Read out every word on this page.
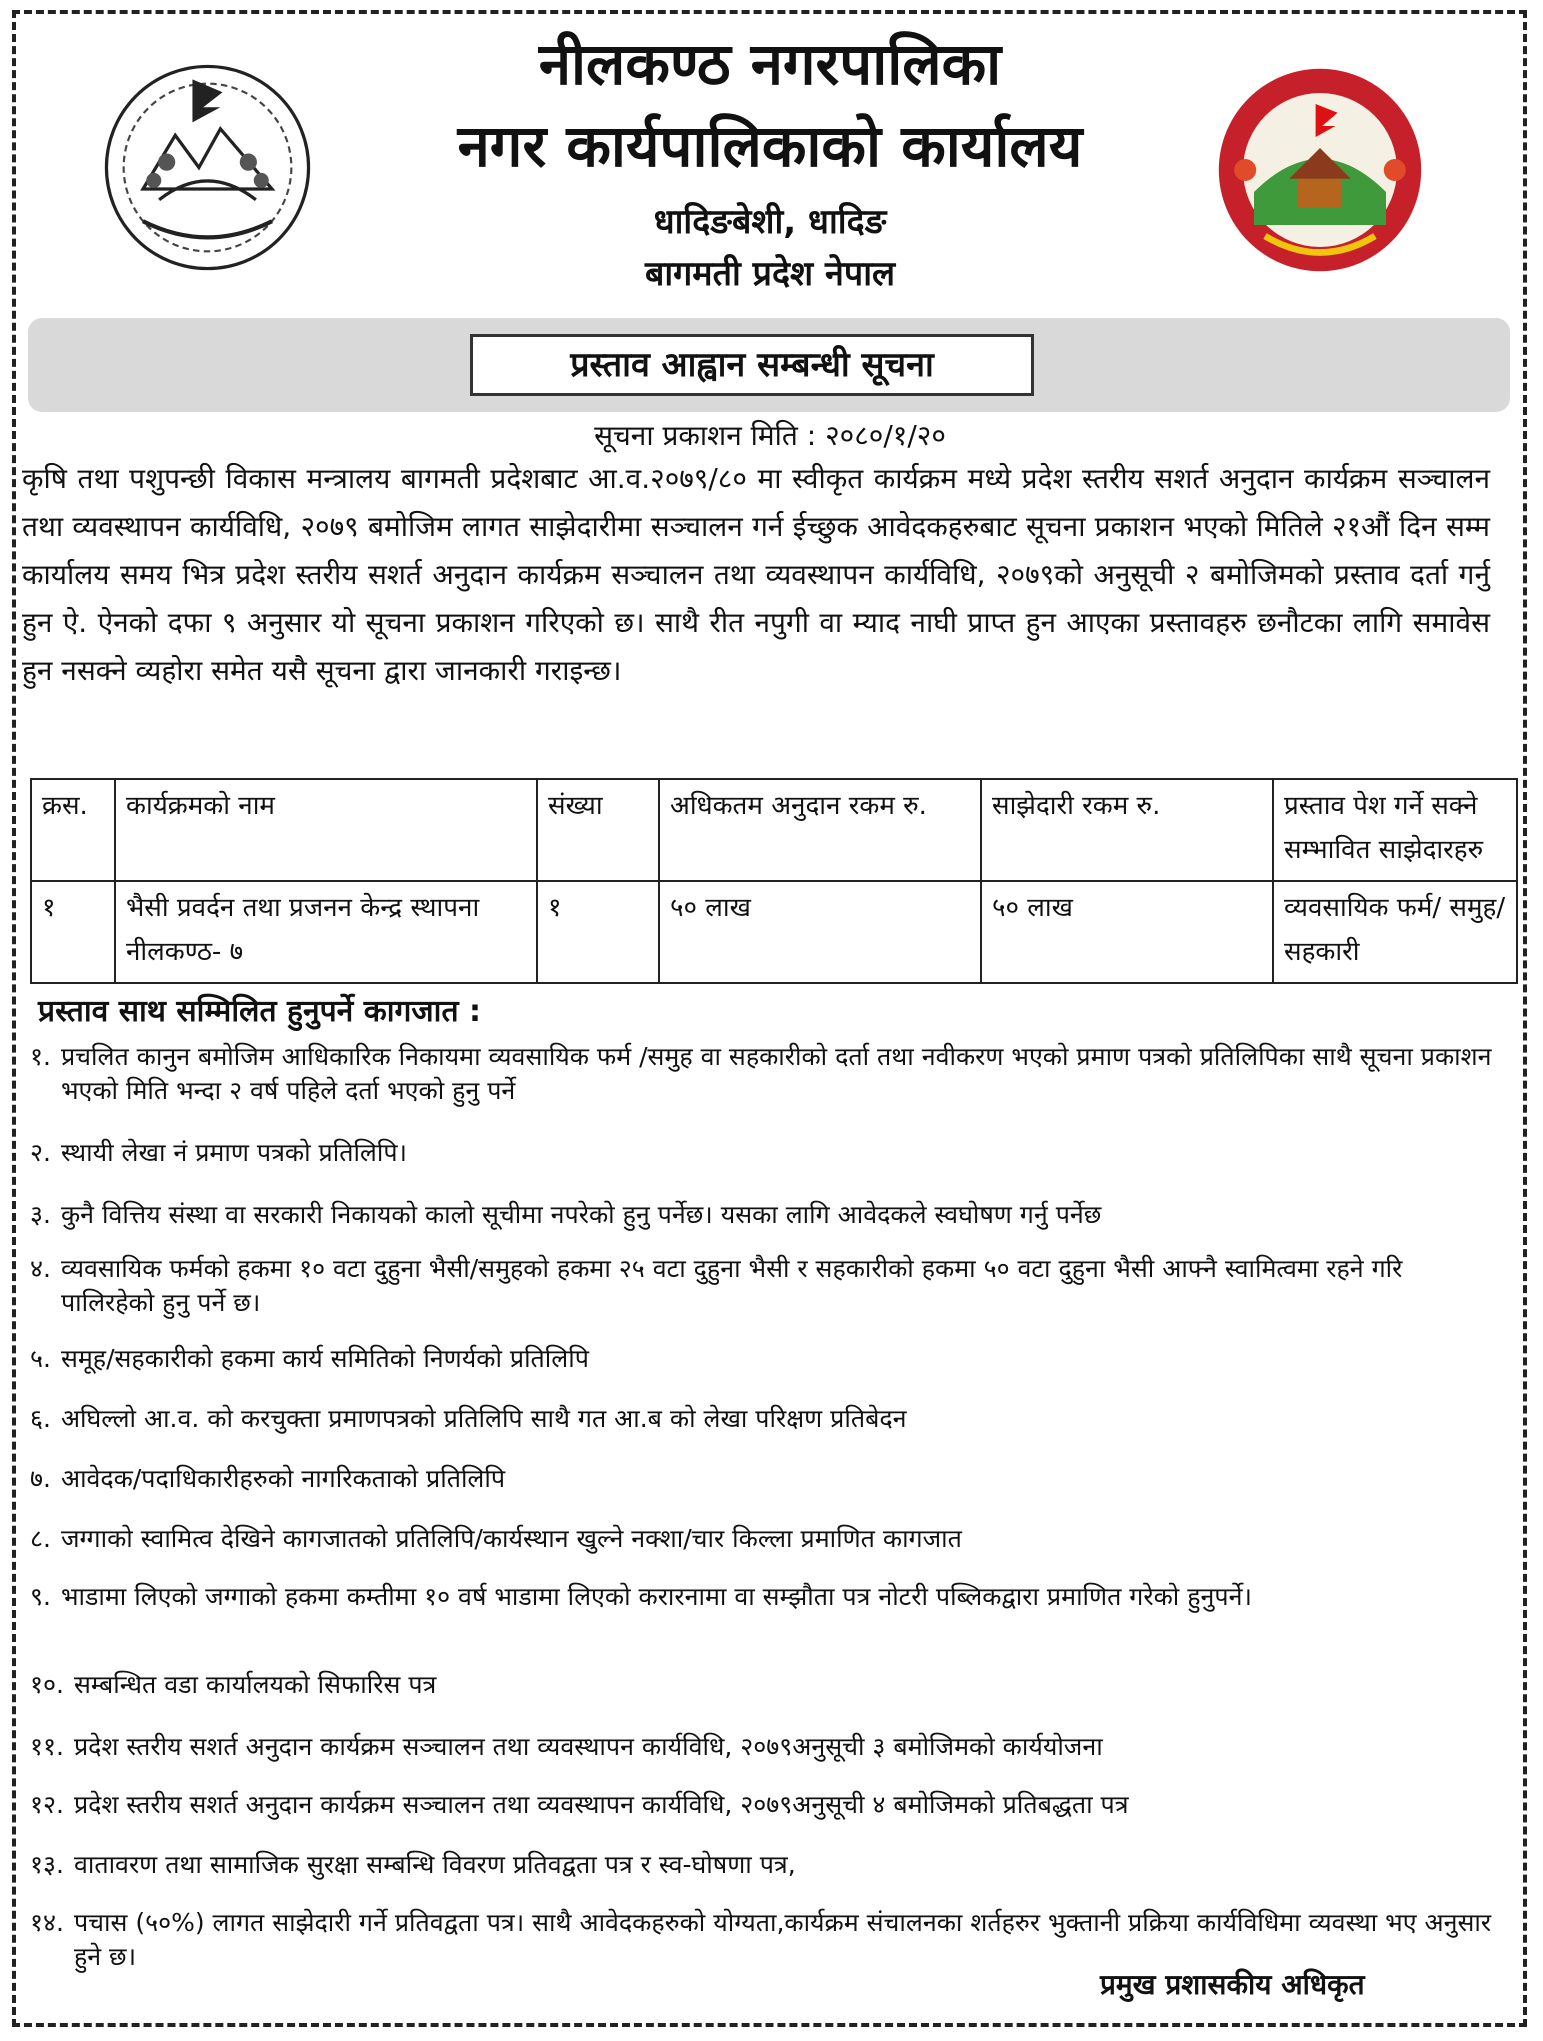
नीलकण्ठ नगरपालिका
नगर कार्यपालिकाको कार्यालय
धादिङबेशी, धादिङ
बागमती प्रदेश नेपाल
प्रस्ताव आह्वान सम्बन्धी सूचना
सूचना प्रकाशन मिति : २०८०/१/२०
कृषि तथा पशुपन्छी विकास मन्त्रालय बागमती प्रदेशबाट आ.व.२०७९/८० मा स्वीकृत कार्यक्रम मध्ये प्रदेश स्तरीय सशर्त अनुदान कार्यक्रम सञ्चालन तथा व्यवस्थापन कार्यविधि, २०७९ बमोजिम लागत साझेदारीमा सञ्चालन गर्न ईच्छुक आवेदकहरुबाट सूचना प्रकाशन भएको मितिले २१औं दिन सम्म कार्यालय समय भित्र प्रदेश स्तरीय सशर्त अनुदान कार्यक्रम सञ्चालन तथा व्यवस्थापन कार्यविधि, २०७९को अनुसूची २ बमोजिमको प्रस्ताव दर्ता गर्नु हुन ऐ. ऐनको दफा ९ अनुसार यो सूचना प्रकाशन गरिएको छ। साथै रीत नपुगी वा म्याद नाघी प्राप्त हुन आएका प्रस्तावहरु छनौटका लागि समावेस हुन नसक्ने व्यहोरा समेत यसै सूचना द्वारा जानकारी गराइन्छ।
क्रस.	कार्यक्रमको नाम	संख्या	अधिकतम अनुदान रकम रु.	साझेदारी रकम रु.	प्रस्ताव पेश गर्ने सक्ने सम्भावित साझेदारहरु
१	भैसी प्रवर्दन तथा प्रजनन केन्द्र स्थापना नीलकण्ठ- ७	१	५० लाख	५० लाख	व्यवसायिक फर्म/ समुह/ सहकारी
प्रस्ताव साथ सम्मिलित हुनुपर्ने कागजात :
१. प्रचलित कानुन बमोजिम आधिकारिक निकायमा व्यवसायिक फर्म /समुह वा सहकारीको दर्ता तथा नवीकरण भएको प्रमाण पत्रको प्रतिलिपिका साथै सूचना प्रकाशन भएको मिति भन्दा २ वर्ष पहिले दर्ता भएको हुनु पर्ने
२. स्थायी लेखा नं प्रमाण पत्रको प्रतिलिपि।
३. कुनै वित्तिय संस्था वा सरकारी निकायको कालो सूचीमा नपरेको हुनु पर्नेछ। यसका लागि आवेदकले स्वघोषण गर्नु पर्नेछ
४. व्यवसायिक फर्मको हकमा १० वटा दुहुना भैसी/समुहको हकमा २५ वटा दुहुना भैसी र सहकारीको हकमा ५० वटा दुहुना भैसी आफ्नै स्वामित्वमा रहने गरि पालिरहेको हुनु पर्ने छ।
५. समूह/सहकारीको हकमा कार्य समितिको निणर्यको प्रतिलिपि
६. अघिल्लो आ.व. को करचुक्ता प्रमाणपत्रको प्रतिलिपि साथै गत आ.ब को लेखा परिक्षण प्रतिबेदन
७. आवेदक/पदाधिकारीहरुको नागरिकताको प्रतिलिपि
८. जग्गाको स्वामित्व देखिने कागजातको प्रतिलिपि/कार्यस्थान खुल्ने नक्शा/चार किल्ला प्रमाणित कागजात
९. भाडामा लिएको जग्गाको हकमा कम्तीमा १० वर्ष भाडामा लिएको करारनामा वा सम्झौता पत्र नोटरी पब्लिकद्वारा प्रमाणित गरेको हुनुपर्ने।
१०. सम्बन्धित वडा कार्यालयको सिफारिस पत्र
११. प्रदेश स्तरीय सशर्त अनुदान कार्यक्रम सञ्चालन तथा व्यवस्थापन कार्यविधि, २०७९अनुसूची ३ बमोजिमको कार्ययोजना
१२. प्रदेश स्तरीय सशर्त अनुदान कार्यक्रम सञ्चालन तथा व्यवस्थापन कार्यविधि, २०७९अनुसूची ४ बमोजिमको प्रतिबद्धता पत्र
१३. वातावरण तथा सामाजिक सुरक्षा सम्बन्धि विवरण प्रतिवद्वता पत्र र स्व-घोषणा पत्र,
१४. पचास (५०%) लागत साझेदारी गर्ने प्रतिवद्वता पत्र। साथै आवेदकहरुको योग्यता,कार्यक्रम संचालनका शर्तहरुर भुक्तानी प्रक्रिया कार्यविधिमा व्यवस्था भए अनुसार हुने छ।
प्रमुख प्रशासकीय अधिकृत
